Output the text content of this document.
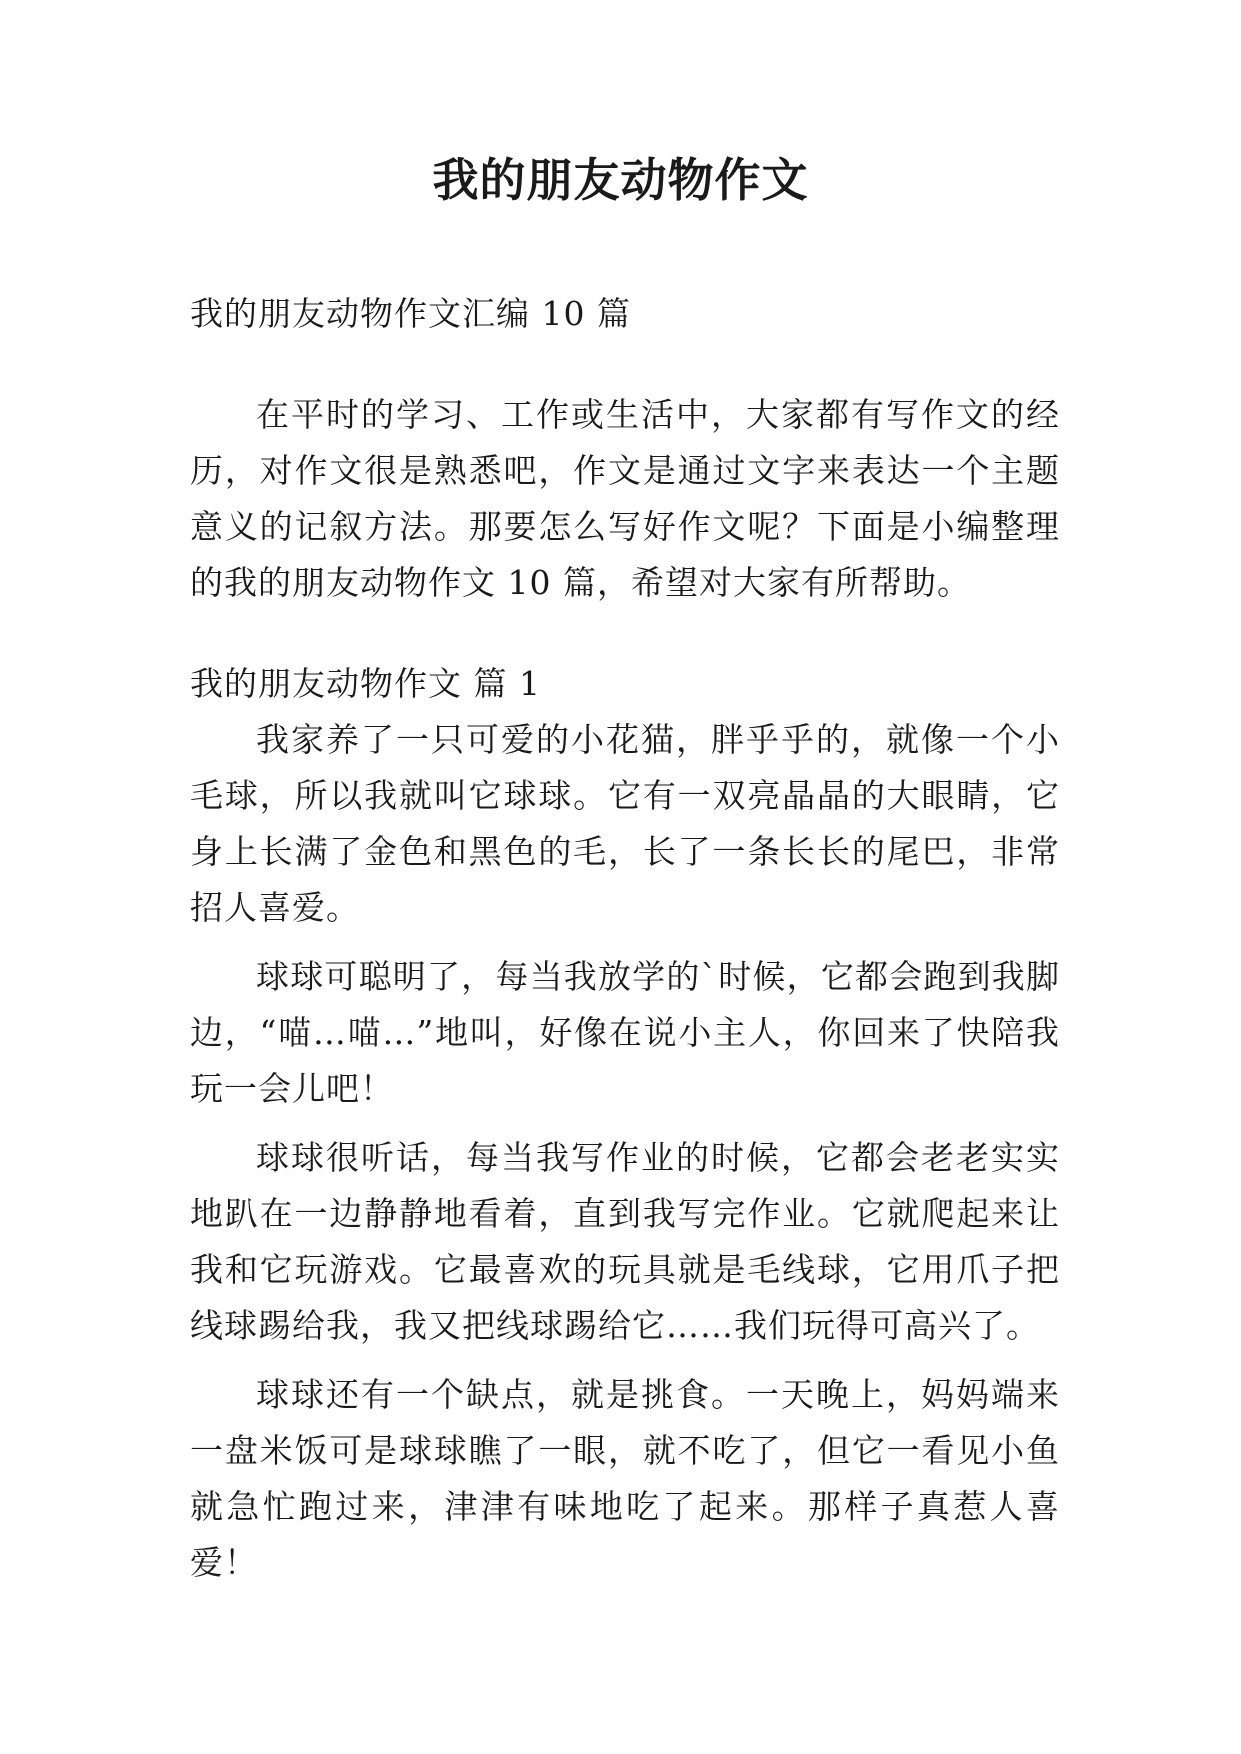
我的朋友动物作文

我的朋友动物作文汇编 10 篇

在平时的学习、工作或生活中，大家都有写作文的经历，对作文很是熟悉吧，作文是通过文字来表达一个主题意义的记叙方法。那要怎么写好作文呢？下面是小编整理的我的朋友动物作文 10 篇，希望对大家有所帮助。

我的朋友动物作文 篇 1

我家养了一只可爱的小花猫，胖乎乎的，就像一个小毛球，所以我就叫它球球。它有一双亮晶晶的大眼睛，它身上长满了金色和黑色的毛，长了一条长长的尾巴，非常招人喜爱。

球球可聪明了，每当我放学的`时候，它都会跑到我脚边，“喵…喵…”地叫，好像在说小主人，你回来了快陪我玩一会儿吧！

球球很听话，每当我写作业的时候，它都会老老实实地趴在一边静静地看着，直到我写完作业。它就爬起来让我和它玩游戏。它最喜欢的玩具就是毛线球，它用爪子把线球踢给我，我又把线球踢给它……我们玩得可高兴了。

球球还有一个缺点，就是挑食。一天晚上，妈妈端来一盘米饭可是球球瞧了一眼，就不吃了，但它一看见小鱼就急忙跑过来，津津有味地吃了起来。那样子真惹人喜爱！
